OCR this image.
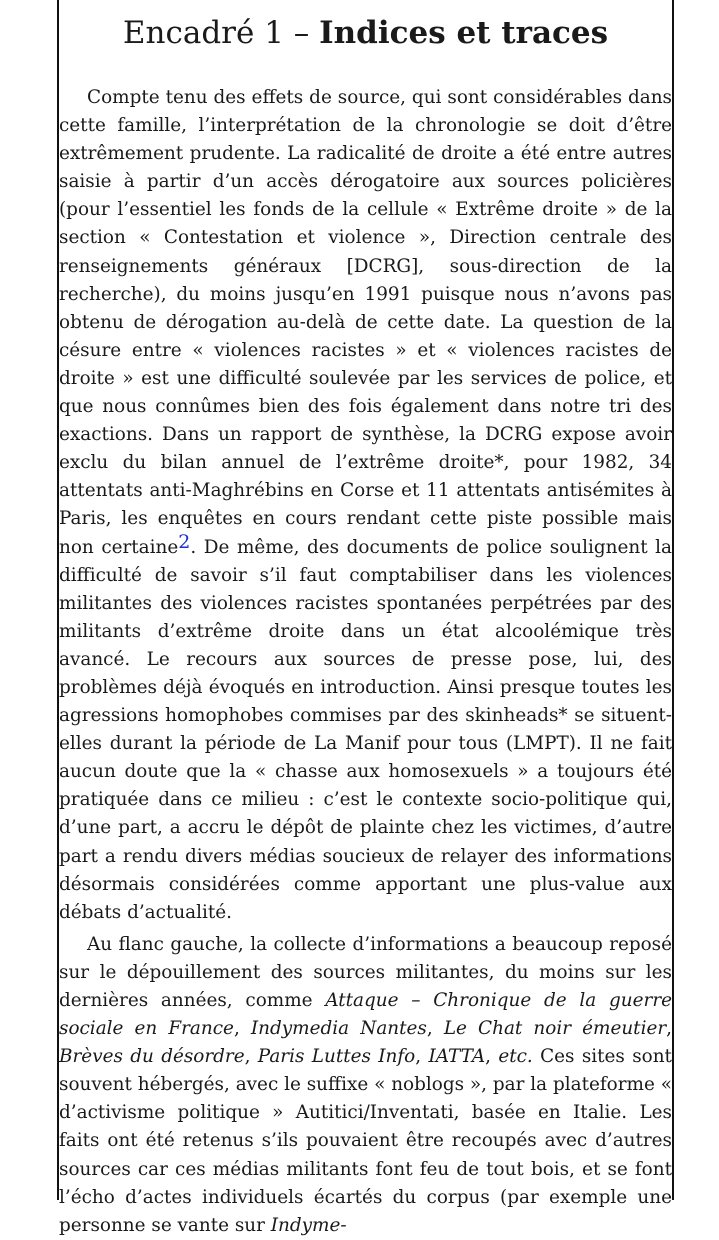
Encadré 1 – Indices et traces

Compte tenu des effets de source, qui sont considérables dans cette famille, l’interprétation de la chronologie se doit d’être extrêmement prudente. La radicalité de droite a été entre autres saisie à partir d’un accès dérogatoire aux sources policières (pour l’essentiel les fonds de la cellule « Extrême droite » de la section « Contestation et violence », Direction centrale des renseignements généraux [DCRG], sous-direction de la recherche), du moins jusqu’en 1991 puisque nous n’avons pas obtenu de dérogation au-delà de cette date. La question de la césure entre « violences racistes » et « violences racistes de droite » est une difficulté soulevée par les services de police, et que nous connûmes bien des fois également dans notre tri des exactions. Dans un rapport de synthèse, la DCRG expose avoir exclu du bilan annuel de l’extrême droite*, pour 1982, 34 attentats anti-Maghrébins en Corse et 11 attentats antisémites à Paris, les enquêtes en cours rendant cette piste possible mais non certaine2. De même, des documents de police soulignent la difficulté de savoir s’il faut comptabiliser dans les violences militantes des violences racistes spontanées perpétrées par des militants d’extrême droite dans un état alcoolémique très avancé. Le recours aux sources de presse pose, lui, des problèmes déjà évoqués en introduction. Ainsi presque toutes les agressions homophobes commises par des skinheads* se situent-elles durant la période de La Manif pour tous (LMPT). Il ne fait aucun doute que la « chasse aux homosexuels » a toujours été pratiquée dans ce milieu : c’est le contexte socio-politique qui, d’une part, a accru le dépôt de plainte chez les victimes, d’autre part a rendu divers médias soucieux de relayer des informations désormais considérées comme apportant une plus-value aux débats d’actualité.

Au flanc gauche, la collecte d’informations a beaucoup reposé sur le dépouillement des sources militantes, du moins sur les dernières années, comme Attaque – Chronique de la guerre sociale en France, Indymedia Nantes, Le Chat noir émeutier, Brèves du désordre, Paris Luttes Info, IATTA, etc. Ces sites sont souvent hébergés, avec le suffixe « noblogs », par la plateforme « d’activisme politique » Autitici/Inventati, basée en Italie. Les faits ont été retenus s’ils pouvaient être recoupés avec d’autres sources car ces médias militants font feu de tout bois, et se font l’écho d’actes individuels écartés du corpus (par exemple une personne se vante sur Indyme-
